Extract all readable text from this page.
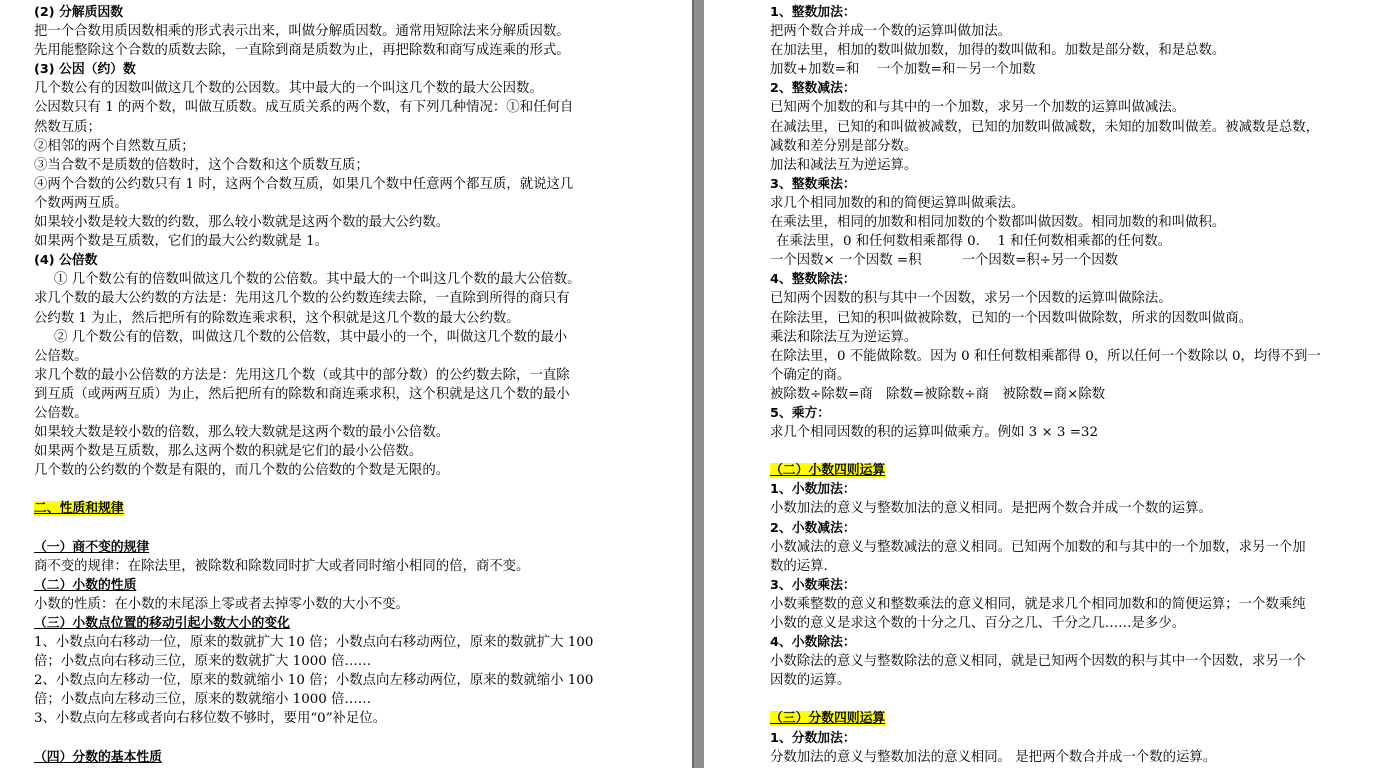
(2) 分解质因数
把一个合数用质因数相乘的形式表示出来，叫做分解质因数。通常用短除法来分解质因数。
先用能整除这个合数的质数去除，一直除到商是质数为止，再把除数和商写成连乘的形式。
(3) 公因（约）数
几个数公有的因数叫做这几个数的公因数。其中最大的一个叫这几个数的最大公因数。
公因数只有 1 的两个数，叫做互质数。成互质关系的两个数，有下列几种情况：①和任何自
然数互质；
②相邻的两个自然数互质；
③当合数不是质数的倍数时，这个合数和这个质数互质；
④两个合数的公约数只有 1 时，这两个合数互质，如果几个数中任意两个都互质，就说这几
个数两两互质。
如果较小数是较大数的约数，那么较小数就是这两个数的最大公约数。
如果两个数是互质数，它们的最大公约数就是 1。
(4) 公倍数
① 几个数公有的倍数叫做这几个数的公倍数。其中最大的一个叫这几个数的最大公倍数。
求几个数的最大公约数的方法是：先用这几个数的公约数连续去除，一直除到所得的商只有
公约数 1 为止，然后把所有的除数连乘求积，这个积就是这几个数的最大公约数。
② 几个数公有的倍数，叫做这几个数的公倍数，其中最小的一个，叫做这几个数的最小
公倍数。
求几个数的最小公倍数的方法是：先用这几个数（或其中的部分数）的公约数去除，一直除
到互质（或两两互质）为止，然后把所有的除数和商连乘求积，这个积就是这几个数的最小
公倍数。
如果较大数是较小数的倍数，那么较大数就是这两个数的最小公倍数。
如果两个数是互质数，那么这两个数的积就是它们的最小公倍数。
几个数的公约数的个数是有限的，而几个数的公倍数的个数是无限的。
二、性质和规律
（一）商不变的规律
商不变的规律：在除法里，被除数和除数同时扩大或者同时缩小相同的倍，商不变。
（二）小数的性质
小数的性质：在小数的末尾添上零或者去掉零小数的大小不变。
（三）小数点位置的移动引起小数大小的变化
1、小数点向右移动一位，原来的数就扩大 10 倍；小数点向右移动两位，原来的数就扩大 100
倍；小数点向右移动三位，原来的数就扩大 1000 倍……
2、小数点向左移动一位，原来的数就缩小 10 倍；小数点向左移动两位，原来的数就缩小 100
倍；小数点向左移动三位，原来的数就缩小 1000 倍……
3、小数点向左移或者向右移位数不够时，要用“0”补足位。
（四）分数的基本性质
1、整数加法：
把两个数合并成一个数的运算叫做加法。
在加法里，相加的数叫做加数，加得的数叫做和。加数是部分数，和是总数。
加数+加数=和　 一个加数=和－另一个加数
2、整数减法：
已知两个加数的和与其中的一个加数，求另一个加数的运算叫做减法。
在减法里，已知的和叫做被减数，已知的加数叫做减数，未知的加数叫做差。被减数是总数，
减数和差分别是部分数。
加法和减法互为逆运算。
3、整数乘法：
求几个相同加数的和的简便运算叫做乘法。
在乘法里，相同的加数和相同加数的个数都叫做因数。相同加数的和叫做积。
在乘法里，0 和任何数相乘都得 0.　 1 和任何数相乘都的任何数。
一个因数× 一个因数 =积　　　一个因数=积÷另一个因数
4、整数除法：
已知两个因数的积与其中一个因数，求另一个因数的运算叫做除法。
在除法里，已知的积叫做被除数，已知的一个因数叫做除数，所求的因数叫做商。
乘法和除法互为逆运算。
在除法里，0 不能做除数。因为 0 和任何数相乘都得 0，所以任何一个数除以 0，均得不到一
个确定的商。
被除数÷除数=商　除数=被除数÷商　被除数=商×除数
5、乘方：
求几个相同因数的积的运算叫做乘方。例如 3 × 3 =32
（二）小数四则运算
1、小数加法：
小数加法的意义与整数加法的意义相同。是把两个数合并成一个数的运算。
2、小数减法：
小数减法的意义与整数减法的意义相同。已知两个加数的和与其中的一个加数，求另一个加
数的运算.
3、小数乘法：
小数乘整数的意义和整数乘法的意义相同，就是求几个相同加数和的简便运算；一个数乘纯
小数的意义是求这个数的十分之几、百分之几、千分之几……是多少。
4、小数除法：
小数除法的意义与整数除法的意义相同，就是已知两个因数的积与其中一个因数，求另一个
因数的运算。
（三）分数四则运算
1、分数加法：
分数加法的意义与整数加法的意义相同。 是把两个数合并成一个数的运算。
